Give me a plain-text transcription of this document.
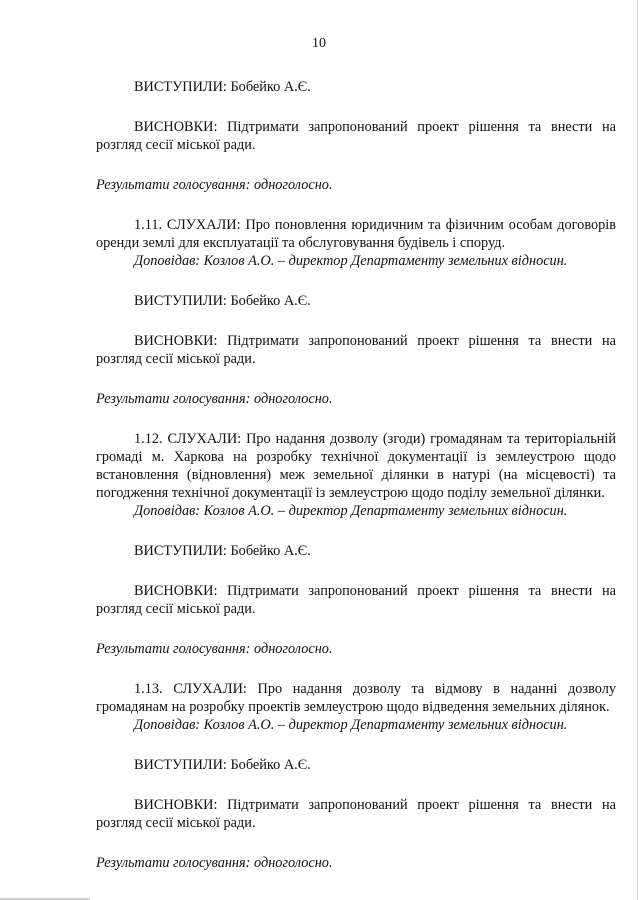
10

ВИСТУПИЛИ: Бобейко А.Є.

ВИСНОВКИ: Підтримати запропонований проект рішення та внести на розгляд сесії міської ради.

Результати голосування: одноголосно.

1.11. СЛУХАЛИ: Про поновлення юридичним та фізичним особам договорів оренди землі для експлуатації та обслуговування будівель і споруд.

Доповідав: Козлов А.О. – директор Департаменту земельних відносин.

ВИСТУПИЛИ: Бобейко А.Є.

ВИСНОВКИ: Підтримати запропонований проект рішення та внести на розгляд сесії міської ради.

Результати голосування: одноголосно.

1.12. СЛУХАЛИ: Про надання дозволу (згоди) громадянам та територіальній громаді м. Харкова на розробку технічної документації із землеустрою щодо встановлення (відновлення) меж земельної ділянки в натурі (на місцевості) та погодження технічної документації із землеустрою щодо поділу земельної ділянки.

Доповідав: Козлов А.О. – директор Департаменту земельних відносин.

ВИСТУПИЛИ: Бобейко А.Є.

ВИСНОВКИ: Підтримати запропонований проект рішення та внести на розгляд сесії міської ради.

Результати голосування: одноголосно.

1.13. СЛУХАЛИ: Про надання дозволу та відмову в наданні дозволу громадянам на розробку проектів землеустрою щодо відведення земельних ділянок.

Доповідав: Козлов А.О. – директор Департаменту земельних відносин.

ВИСТУПИЛИ: Бобейко А.Є.

ВИСНОВКИ: Підтримати запропонований проект рішення та внести на розгляд сесії міської ради.

Результати голосування: одноголосно.
